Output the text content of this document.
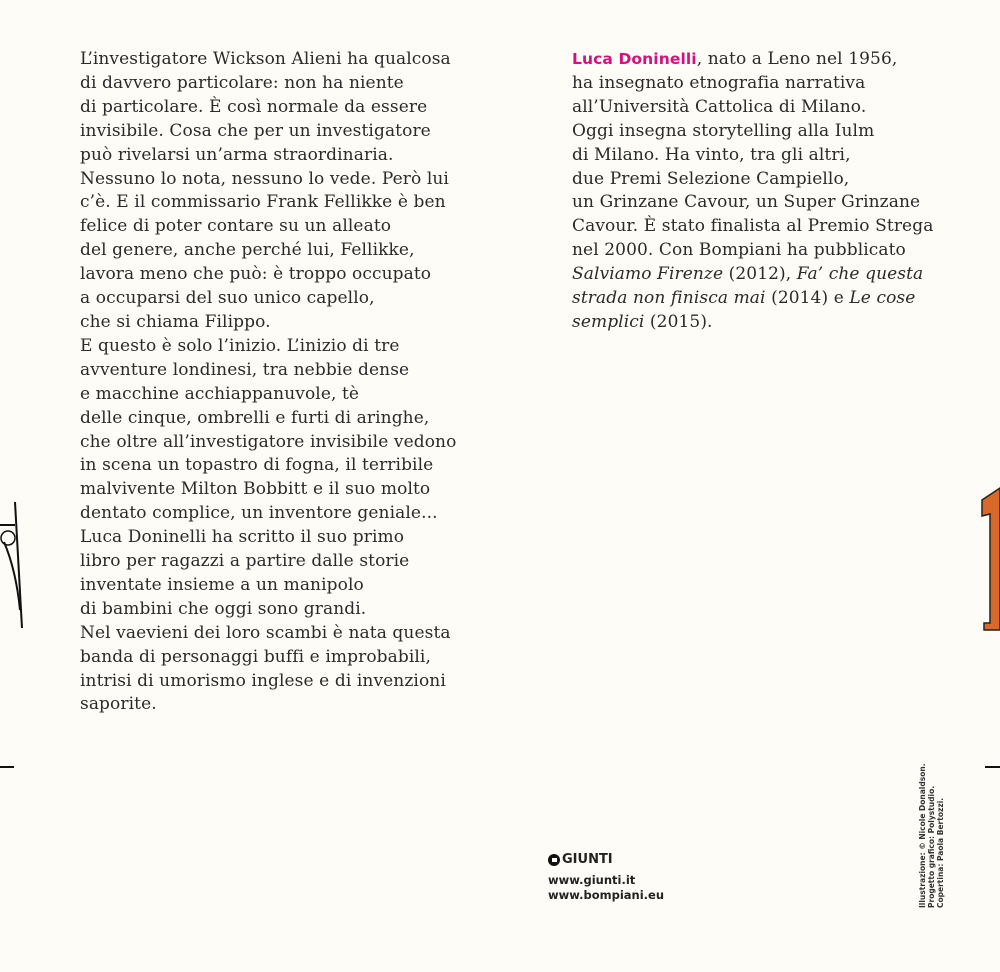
L’investigatore Wickson Alieni ha qualcosa
di davvero particolare: non ha niente
di particolare. È così normale da essere
invisibile. Cosa che per un investigatore
può rivelarsi un’arma straordinaria.
Nessuno lo nota, nessuno lo vede. Però lui
c’è. E il commissario Frank Fellikke è ben
felice di poter contare su un alleato
del genere, anche perché lui, Fellikke,
lavora meno che può: è troppo occupato
a occuparsi del suo unico capello,
che si chiama Filippo.
E questo è solo l’inizio. L’inizio di tre
avventure londinesi, tra nebbie dense
e macchine acchiappanuvole, tè
delle cinque, ombrelli e furti di aringhe,
che oltre all’investigatore invisibile vedono
in scena un topastro di fogna, il terribile
malvivente Milton Bobbitt e il suo molto
dentato complice, un inventore geniale...
Luca Doninelli ha scritto il suo primo
libro per ragazzi a partire dalle storie
inventate insieme a un manipolo
di bambini che oggi sono grandi.
Nel vaevieni dei loro scambi è nata questa
banda di personaggi buffi e improbabili,
intrisi di umorismo inglese e di invenzioni
saporite.
Luca Doninelli, nato a Leno nel 1956,
ha insegnato etnografia narrativa
all’Università Cattolica di Milano.
Oggi insegna storytelling alla Iulm
di Milano. Ha vinto, tra gli altri,
due Premi Selezione Campiello,
un Grinzane Cavour, un Super Grinzane
Cavour. È stato finalista al Premio Strega
nel 2000. Con Bompiani ha pubblicato
Salviamo Firenze (2012), Fa’ che questa
strada non finisca mai (2014) e Le cose
semplici (2015).
GIUNTI
www.giunti.it
www.bompiani.eu	Illustrazione: © Nicole Donaldson. Progetto grafico: Polystudio. Copertina: Paola Bertozzi.
